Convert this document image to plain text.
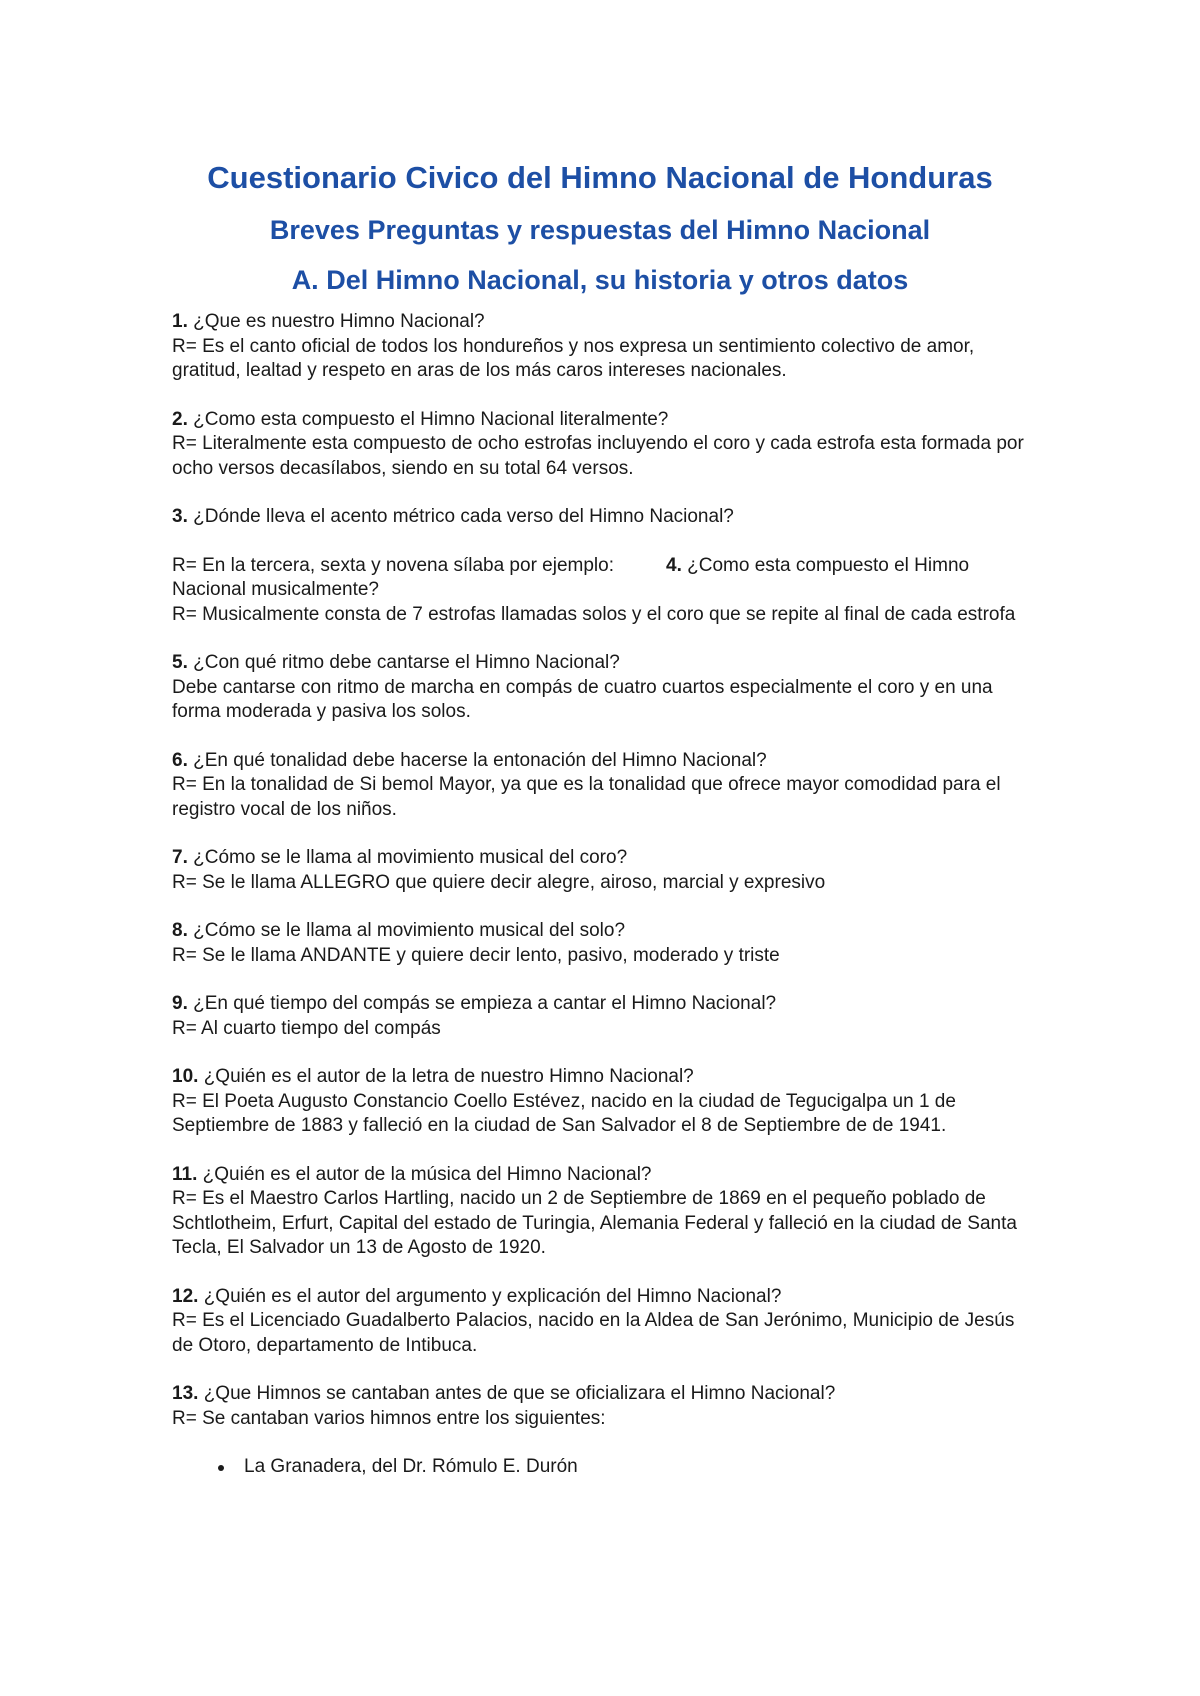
Cuestionario Civico del Himno Nacional de Honduras
Breves Preguntas y respuestas del Himno Nacional
A. Del Himno Nacional, su historia y otros datos

1. ¿Que es nuestro Himno Nacional?

R= Es el canto oficial de todos los hondureños y nos expresa un sentimiento colectivo de amor, gratitud, lealtad y respeto en aras de los más caros intereses nacionales.

2. ¿Como esta compuesto el Himno Nacional literalmente?

R= Literalmente esta compuesto de ocho estrofas incluyendo el coro y cada estrofa esta formada por ocho versos decasílabos, siendo en su total 64 versos.

3. ¿Dónde lleva el acento métrico cada verso del Himno Nacional?

R= En la tercera, sexta y novena sílaba por ejemplo:	4. ¿Como esta compuesto el Himno Nacional musicalmente?

R= Musicalmente consta de 7 estrofas llamadas solos y el coro que se repite al final de cada estrofa

5. ¿Con qué ritmo debe cantarse el Himno Nacional?

Debe cantarse con ritmo de marcha en compás de cuatro cuartos especialmente el coro y en una forma moderada y pasiva los solos.

6. ¿En qué tonalidad debe hacerse la entonación del Himno Nacional?

R= En la tonalidad de Si bemol Mayor, ya que es la tonalidad que ofrece mayor comodidad para el registro vocal de los niños.

7. ¿Cómo se le llama al movimiento musical del coro?

R= Se le llama ALLEGRO que quiere decir alegre, airoso, marcial y expresivo

8. ¿Cómo se le llama al movimiento musical del solo?

R= Se le llama ANDANTE y quiere decir lento, pasivo, moderado y triste

9. ¿En qué tiempo del compás se empieza a cantar el Himno Nacional?

R= Al cuarto tiempo del compás

10. ¿Quién es el autor de la letra de nuestro Himno Nacional?

R= El Poeta Augusto Constancio Coello Estévez, nacido en la ciudad de Tegucigalpa un 1 de Septiembre de 1883 y falleció en la ciudad de San Salvador el 8 de Septiembre de de 1941.

11. ¿Quién es el autor de la música del Himno Nacional?

R= Es el Maestro Carlos Hartling, nacido un 2 de Septiembre de 1869 en el pequeño poblado de Schtlotheim, Erfurt, Capital del estado de Turingia, Alemania Federal y falleció en la ciudad de Santa Tecla, El Salvador un 13 de Agosto de 1920.

12. ¿Quién es el autor del argumento y explicación del Himno Nacional?

R= Es el Licenciado Guadalberto Palacios, nacido en la Aldea de San Jerónimo, Municipio de Jesús de Otoro, departamento de Intibuca.

13. ¿Que Himnos se cantaban antes de que se oficializara el Himno Nacional?

R= Se cantaban varios himnos entre los siguientes:

La Granadera, del Dr. Rómulo E. Durón
